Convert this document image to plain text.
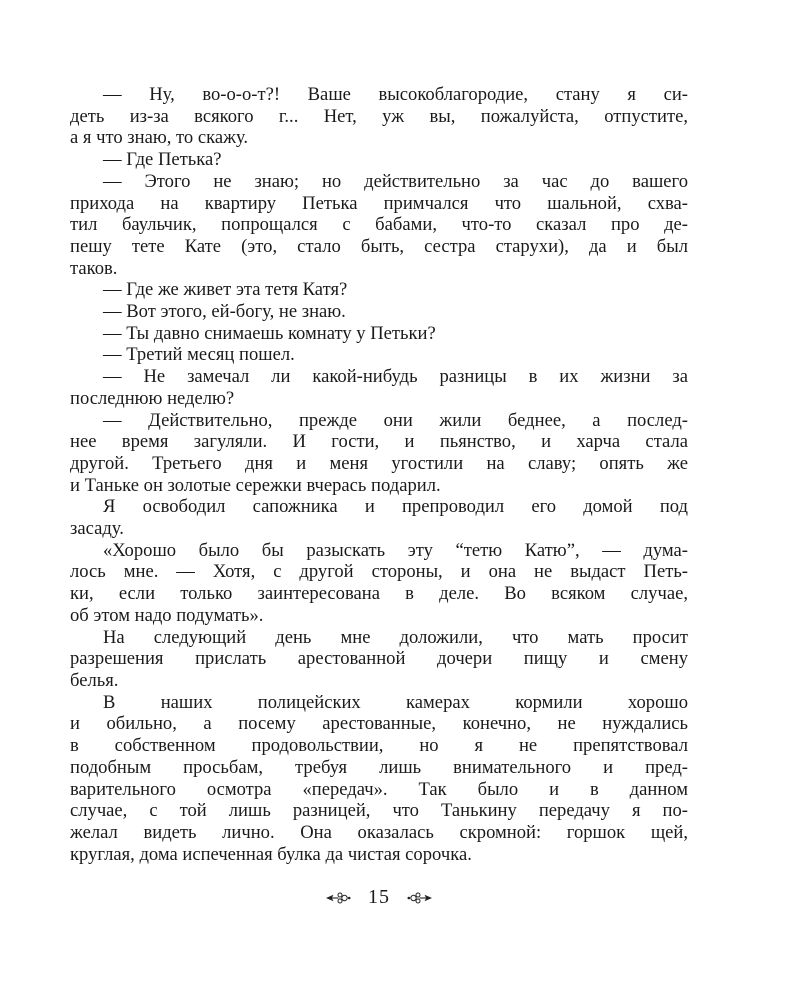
— Ну, во-о-о-т?! Ваше высокоблагородие, стану я си-
деть из-за всякого г... Нет, уж вы, пожалуйста, отпустите,
а я что знаю, то скажу.
— Где Петька?
— Этого не знаю; но действительно за час до вашего
прихода на квартиру Петька примчался что шальной, схва-
тил баульчик, попрощался с бабами, что-то сказал про де-
пешу тете Кате (это, стало быть, сестра старухи), да и был
таков.
— Где же живет эта тетя Катя?
— Вот этого, ей-богу, не знаю.
— Ты давно снимаешь комнату у Петьки?
— Третий месяц пошел.
— Не замечал ли какой-нибудь разницы в их жизни за
последнюю неделю?
— Действительно, прежде они жили беднее, а послед-
нее время загуляли. И гости, и пьянство, и харча стала
другой. Третьего дня и меня угостили на славу; опять же
и Таньке он золотые сережки вчерась подарил.
Я освободил сапожника и препроводил его домой под
засаду.
«Хорошо было бы разыскать эту “тетю Катю”, — дума-
лось мне. — Хотя, с другой стороны, и она не выдаст Петь-
ки, если только заинтересована в деле. Во всяком случае,
об этом надо подумать».
На следующий день мне доложили, что мать просит
разрешения прислать арестованной дочери пищу и смену
белья.
В наших полицейских камерах кормили хорошо
и обильно, а посему арестованные, конечно, не нуждались
в собственном продовольствии, но я не препятствовал
подобным просьбам, требуя лишь внимательного и пред-
варительного осмотра «передач». Так было и в данном
случае, с той лишь разницей, что Танькину передачу я по-
желал видеть лично. Она оказалась скромной: горшок щей,
круглая, дома испеченная булка да чистая сорочка.
15
